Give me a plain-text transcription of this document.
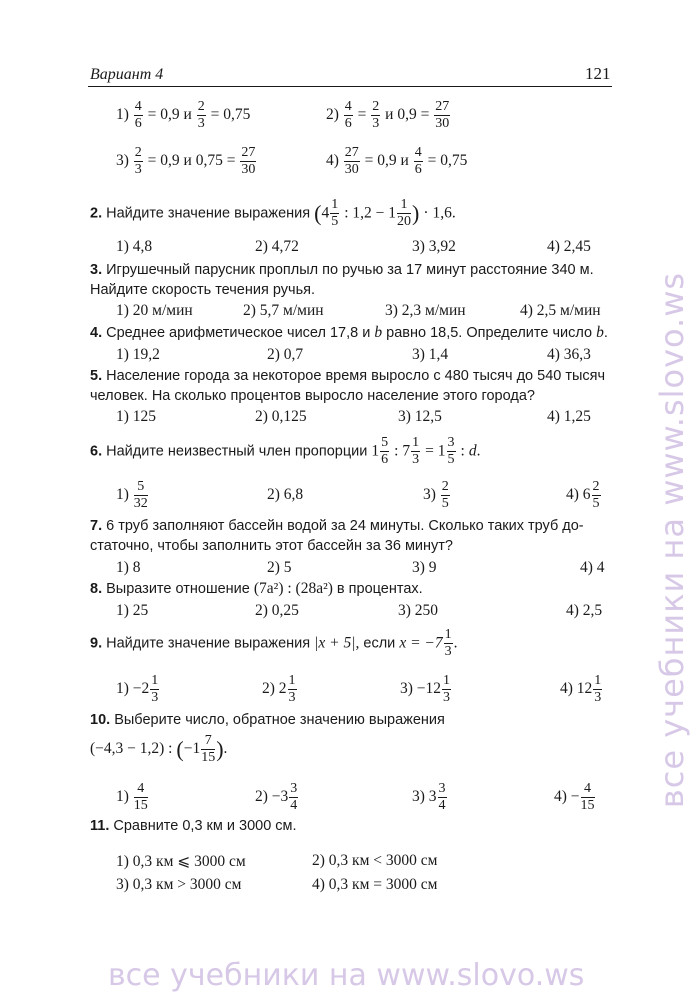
Вариант 4	121
$1) \frac{4}{6} = 0,9$ и $\frac{2}{3} = 0,75$	$2) \frac{4}{6} = \frac{2}{3}$ и $0,9 = \frac{27}{30}$
$3) \frac{2}{3} = 0,9$ и $0,75 = \frac{27}{30}$	$4) \frac{27}{30} = 0,9$ и $\frac{4}{6} = 0,75$
2. Найдите значение выражения ($4 \frac{1}{5}$ : $1,2 - 1 \frac{1}{20}$ ) · 1,6.
1) 4,8	2) 4,72	3) 3,92	4) 2,45
3. Игрушечный парусник проплыл по ручью за 17 минут расстояние 340 м.
Найдите скорость течения ручья.
1) 20 м/мин	2) 5,7 м/мин	3) 2,3 м/мин	4) 2,5 м/мин
4. Среднее арифметическое чисел 17,8 и b равно 18,5. Определите число b.
1) 19,2	2) 0,7	3) 1,4	4) 36,3
5. Население города за некоторое время выросло с 480 тысяч до 540 тысяч
человек. На сколько процентов выросло население этого города?
1) 125	2) 0,125	3) 12,5	4) 1,25
6. Найдите неизвестный член пропорции $1 \frac{5}{6}$ : $7 \frac{1}{3} = 1 \frac{3}{5}$ : d.
$1) \frac{5}{32}$	2) 6,8	$3) \frac{2}{5}$	4) $6 \frac{2}{5}$
7. 6 труб заполняют бассейн водой за 24 минуты. Сколько таких труб до-
статочно, чтобы заполнить этот бассейн за 36 минут?
1) 8	2) 5	3) 9	4) 4
8. Выразите отношение (7a²) : (28a²) в процентах.
1) 25	2) 0,25	3) 250	4) 2,5
9. Найдите значение выражения |x + 5|, если $x = -7 \frac{1}{3}$ .
$1) -2 \frac{1}{3}$	2) $2 \frac{1}{3}$	$3) -12 \frac{1}{3}$	4) $12 \frac{1}{3}$
10. Выберите число, обратное значению выражения
(−4,3 − 1,2) : ($-1 \frac{7}{15}$ ).
$1) \frac{4}{15}$	$2) -3 \frac{3}{4}$	3) $3 \frac{3}{4}$	$4) - \frac{4}{15}$
11. Сравните 0,3 км и 3000 см.
1) 0,3 км ⩽ 3000 см	2) 0,3 км < 3000 см
3) 0,3 км > 3000 см	4) 0,3 км = 3000 см
все учебники на www.slovo.ws
все учебники на www.slovo.ws
